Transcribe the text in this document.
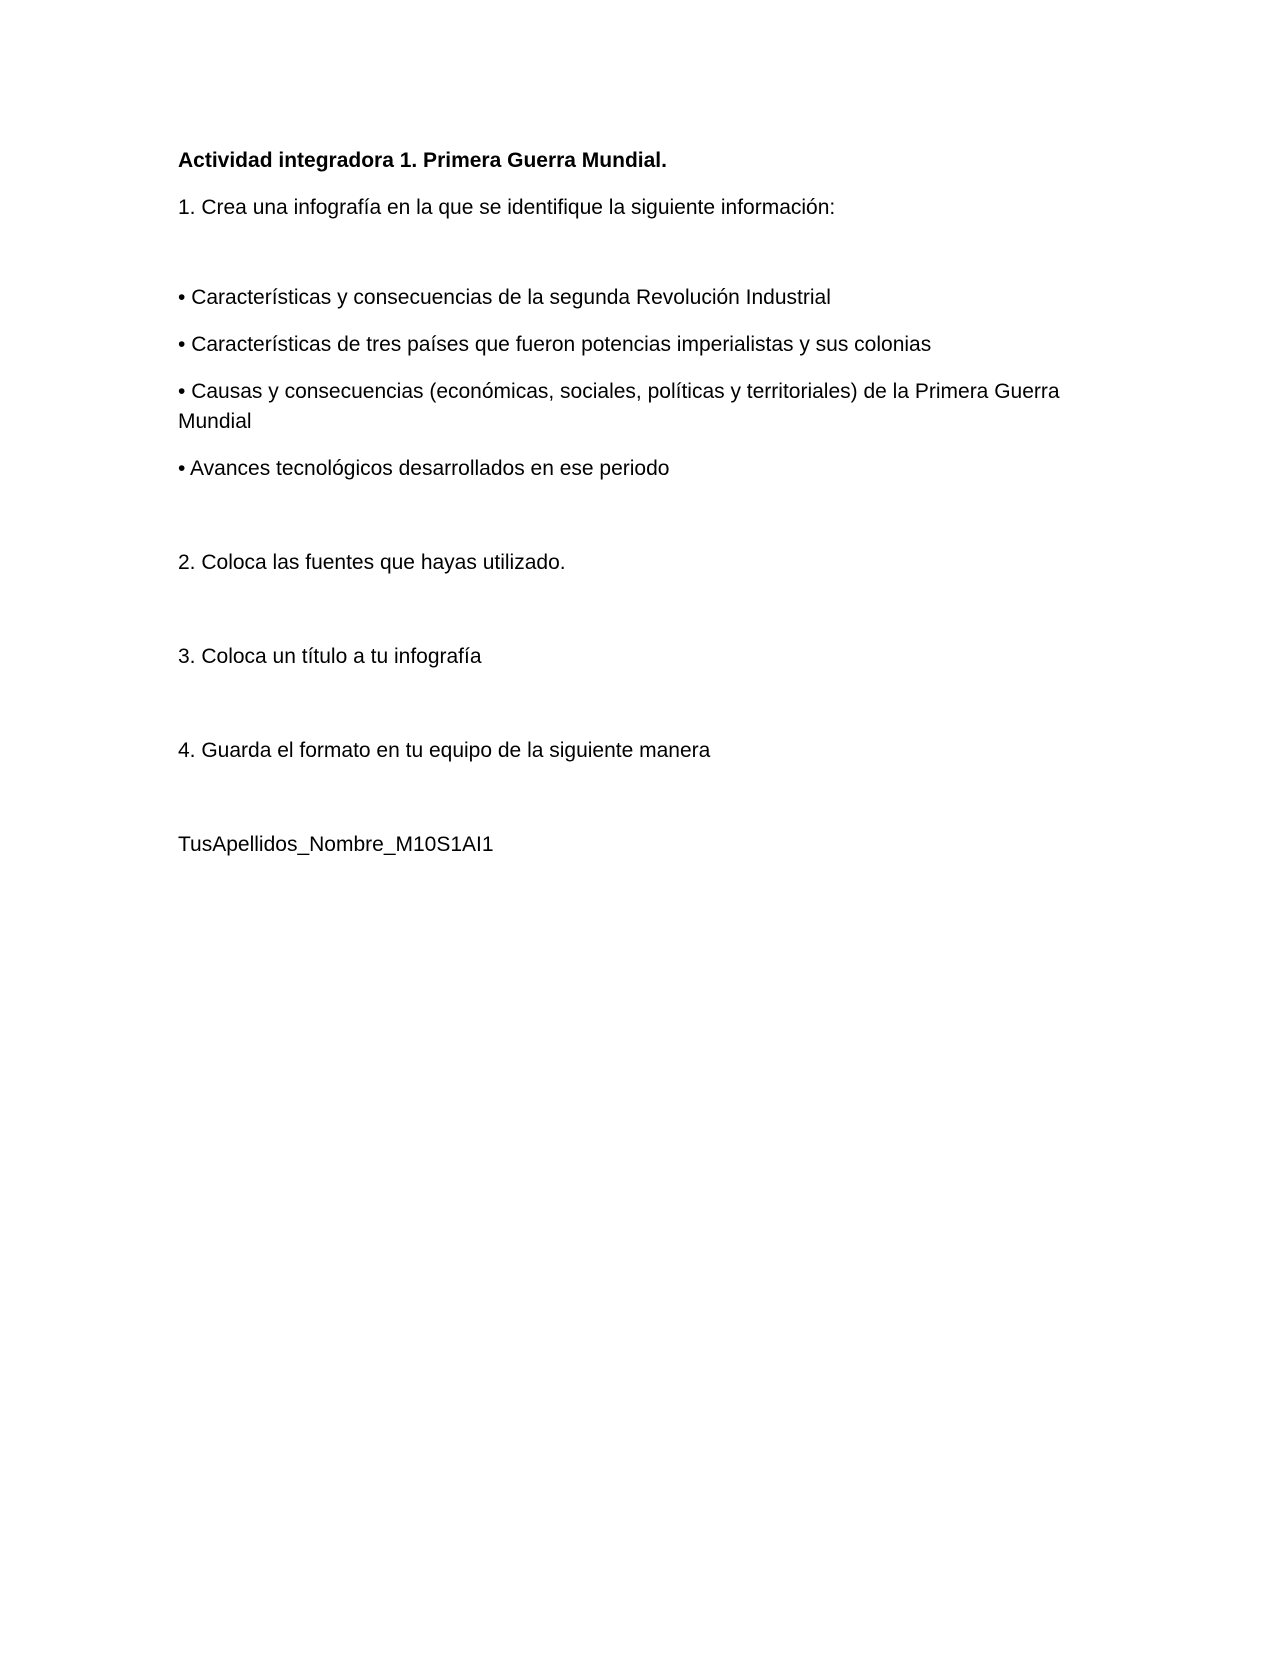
Actividad integradora 1. Primera Guerra Mundial.

1. Crea una infografía en la que se identifique la siguiente información:

• Características y consecuencias de la segunda Revolución Industrial

• Características de tres países que fueron potencias imperialistas y sus colonias

• Causas y consecuencias (económicas, sociales, políticas y territoriales) de la Primera Guerra Mundial

• Avances tecnológicos desarrollados en ese periodo

2. Coloca las fuentes que hayas utilizado.

3. Coloca un título a tu infografía

4. Guarda el formato en tu equipo de la siguiente manera

TusApellidos_Nombre_M10S1AI1
